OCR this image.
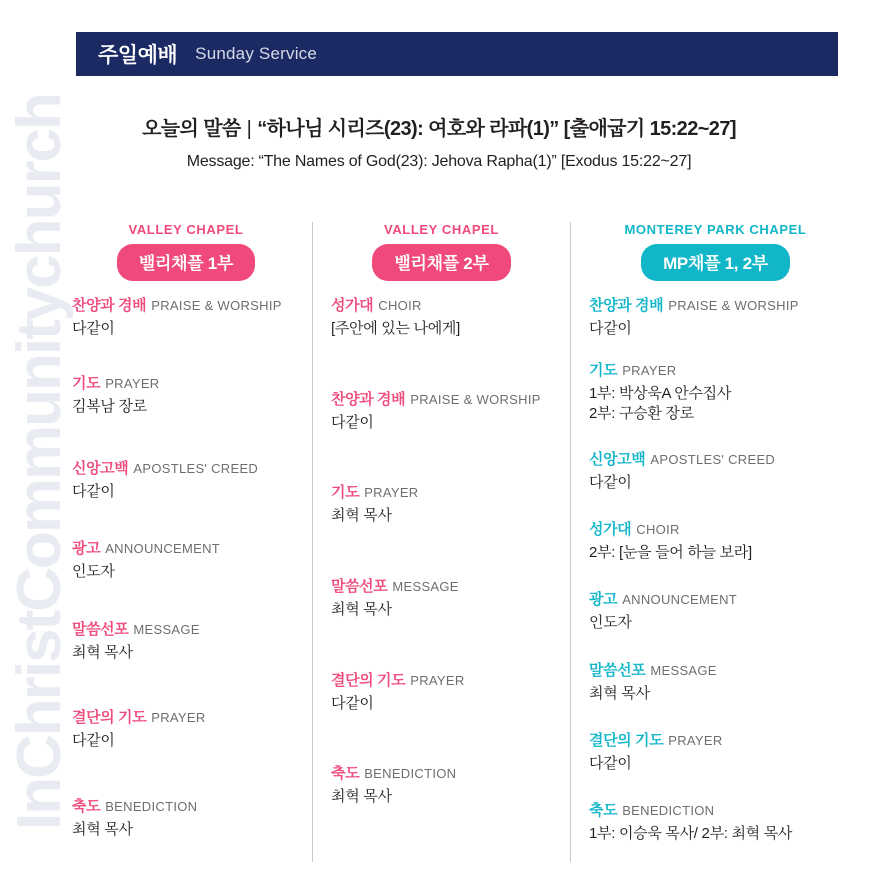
InChristCommunitychurch
주일예배 Sunday Service
오늘의 말씀 | “하나님 시리즈(23): 여호와 라파(1)” [출애굽기 15:22~27]
Message: “The Names of God(23): Jehova Rapha(1)” [Exodus 15:22~27]
VALLEY CHAPEL
밸리채플 1부
찬양과 경배 PRAISE & WORSHIP
다같이
기도 PRAYER
김복남 장로
신앙고백 APOSTLES' CREED
다같이
광고 ANNOUNCEMENT
인도자
말씀선포 MESSAGE
최혁 목사
결단의 기도 PRAYER
다같이
축도 BENEDICTION
최혁 목사
VALLEY CHAPEL
밸리채플 2부
성가대 CHOIR
[주안에 있는 나에게]
찬양과 경배 PRAISE & WORSHIP
다같이
기도 PRAYER
최혁 목사
말씀선포 MESSAGE
최혁 목사
결단의 기도 PRAYER
다같이
축도 BENEDICTION
최혁 목사
MONTEREY PARK CHAPEL
MP채플 1, 2부
찬양과 경배 PRAISE & WORSHIP
다같이
기도 PRAYER
1부: 박상욱A 안수집사
2부: 구승환 장로
신앙고백 APOSTLES' CREED
다같이
성가대 CHOIR
2부: [눈을 들어 하늘 보라]
광고 ANNOUNCEMENT
인도자
말씀선포 MESSAGE
최혁 목사
결단의 기도 PRAYER
다같이
축도 BENEDICTION
1부: 이승욱 목사/ 2부: 최혁 목사
